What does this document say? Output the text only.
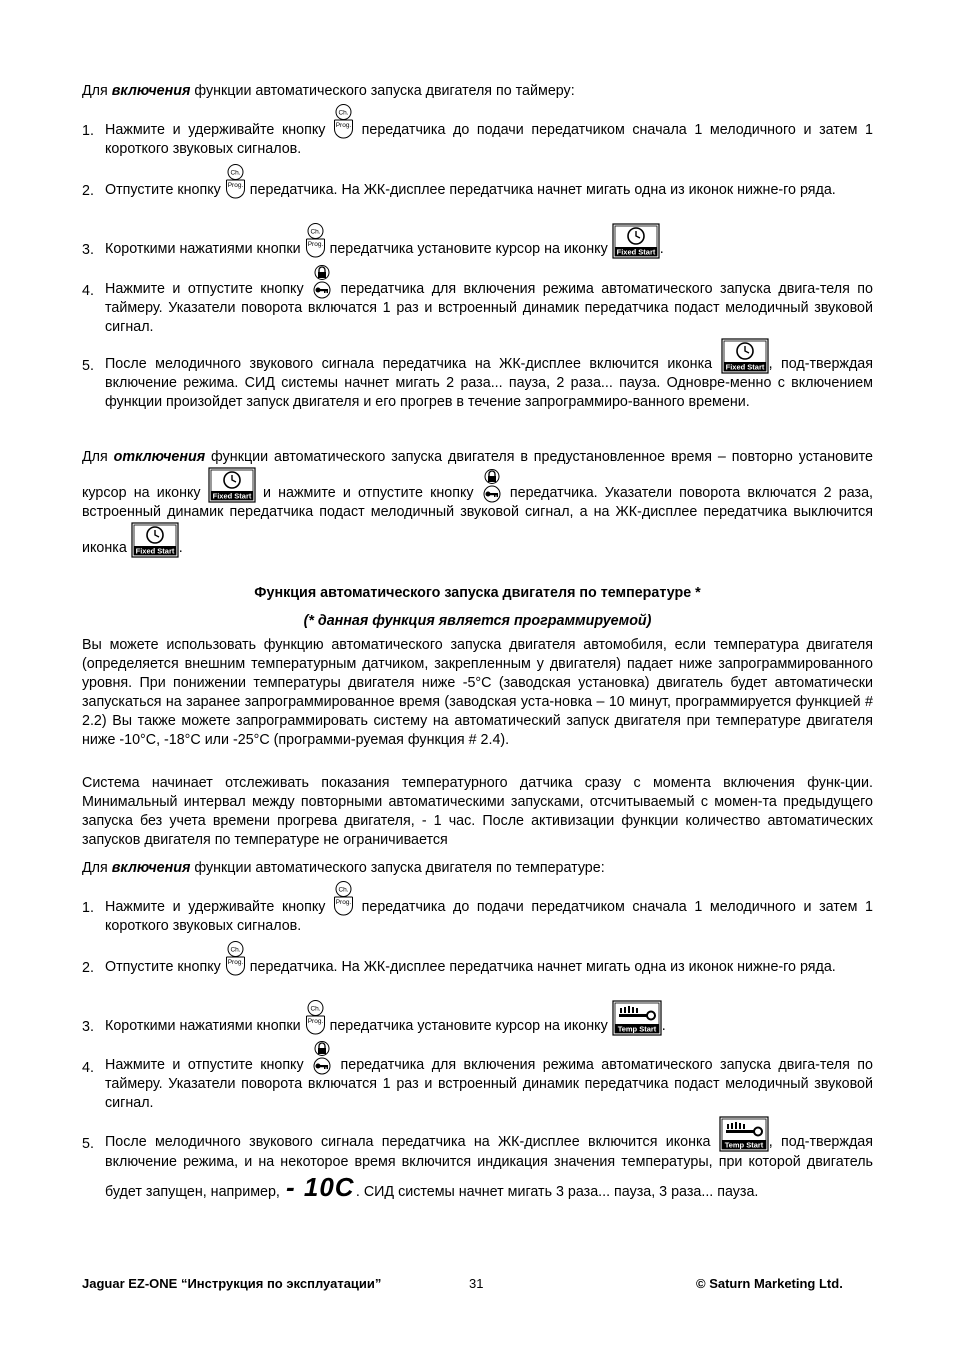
Для включения функции автоматического запуска двигателя по таймеру:

1. Нажмите и удерживайте кнопку
Ch.
Prog. передатчика до подачи передатчиком сначала 1 мелодичного и затем 1 короткого звуковых сигналов.
2. Отпустите кнопку
Ch.
Prog. передатчика. На ЖК-дисплее передатчика начнет мигать одна из иконок нижне-го ряда.
3. Короткими нажатиями кнопки
Ch.
Prog. передатчика установите курсор на иконку Fixed Start .
4. Нажмите и отпустите кнопку  передатчика для включения режима автоматического запуска двига-теля по таймеру. Указатели поворота включатся 1 раз и встроенный динамик передатчика подаст мелодичный звуковой сигнал.
5. После мелодичного звукового сигнала передатчика на ЖК-дисплее включится иконка Fixed Start , под-тверждая включение режима. СИД системы начнет мигать 2 раза... пауза, 2 раза... пауза. Одновре-менно с включением функции произойдет запуск двигателя и его прогрев в течение запрограммиро-ванного времени.

Для отключения функции автоматического запуска двигателя в предустановленное время – повторно установите курсор на иконку Fixed Start и нажмите и отпустите кнопку  передатчика. Указатели поворота включатся 2 раза, встроенный динамик передатчика подаст мелодичный звуковой сигнал, а на ЖК-дисплее передатчика выключится иконка Fixed Start .

Функция автоматического запуска двигателя по температуре *

(* данная функция является программируемой)

Вы можете использовать функцию автоматического запуска двигателя автомобиля, если температура двигателя (определяется внешним температурным датчиком, закрепленным у двигателя) падает ниже запрограммированного уровня. При понижении температуры двигателя ниже -5°С (заводская установка) двигатель будет автоматически запускаться на заранее запрограммированное время (заводская уста-новка – 10 минут, программируется функцией # 2.2) Вы также можете запрограммировать систему на автоматический запуск двигателя при температуре двигателя ниже -10°С, -18°С или -25°С (программи-руемая функция # 2.4).

Система начинает отслеживать показания температурного датчика сразу с момента включения функ-ции. Минимальный интервал между повторными автоматическими запусками, отсчитываемый с момен-та предыдущего запуска без учета времени прогрева двигателя, - 1 час. После активизации функции количество автоматических запусков двигателя по температуре не ограничивается

Для включения функции автоматического запуска двигателя по температуре:

1. Нажмите и удерживайте кнопку
Ch.
Prog. передатчика до подачи передатчиком сначала 1 мелодичного и затем 1 короткого звуковых сигналов.
2. Отпустите кнопку
Ch.
Prog. передатчика. На ЖК-дисплее передатчика начнет мигать одна из иконок нижне-го ряда.
3. Короткими нажатиями кнопки
Ch.
Prog. передатчика установите курсор на иконку Temp Start .
4. Нажмите и отпустите кнопку  передатчика для включения режима автоматического запуска двига-теля по таймеру. Указатели поворота включатся 1 раз и встроенный динамик передатчика подаст мелодичный звуковой сигнал.
5. После мелодичного звукового сигнала передатчика на ЖК-дисплее включится иконка Temp Start , под-тверждая включение режима, и на некоторое время включится индикация значения температуры, при которой двигатель будет запущен, например, - 10C . СИД системы начнет мигать 3 раза... пауза, 3 раза... пауза.
Jaguar EZ-ONE “Инструкция по эксплуатации”	31	© Saturn Marketing Ltd.
